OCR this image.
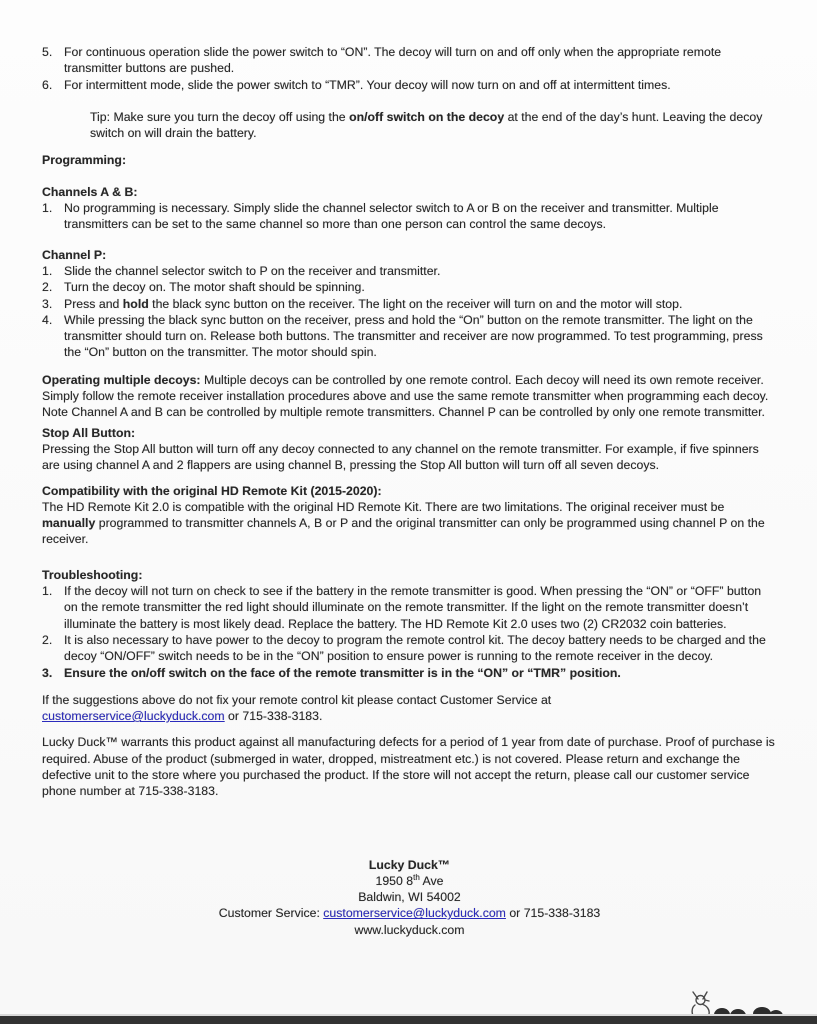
5. For continuous operation slide the power switch to “ON”. The decoy will turn on and off only when the appropriate remote transmitter buttons are pushed.
6. For intermittent mode, slide the power switch to “TMR”. Your decoy will now turn on and off at intermittent times.

Tip: Make sure you turn the decoy off using the on/off switch on the decoy at the end of the day’s hunt. Leaving the decoy switch on will drain the battery.

Programming:
Channels A & B:
1. No programming is necessary. Simply slide the channel selector switch to A or B on the receiver and transmitter. Multiple transmitters can be set to the same channel so more than one person can control the same decoys.
Channel P:
1. Slide the channel selector switch to P on the receiver and transmitter.
2. Turn the decoy on. The motor shaft should be spinning.
3. Press and hold the black sync button on the receiver. The light on the receiver will turn on and the motor will stop.
4. While pressing the black sync button on the receiver, press and hold the “On” button on the remote transmitter. The light on the transmitter should turn on. Release both buttons. The transmitter and receiver are now programmed. To test programming, press the “On” button on the transmitter. The motor should spin.

Operating multiple decoys: Multiple decoys can be controlled by one remote control. Each decoy will need its own remote receiver. Simply follow the remote receiver installation procedures above and use the same remote transmitter when programming each decoy. Note Channel A and B can be controlled by multiple remote transmitters. Channel P can be controlled by only one remote transmitter.

Stop All Button:

Pressing the Stop All button will turn off any decoy connected to any channel on the remote transmitter. For example, if five spinners are using channel A and 2 flappers are using channel B, pressing the Stop All button will turn off all seven decoys.

Compatibility with the original HD Remote Kit (2015-2020):

The HD Remote Kit 2.0 is compatible with the original HD Remote Kit. There are two limitations. The original receiver must be manually programmed to transmitter channels A, B or P and the original transmitter can only be programmed using channel P on the receiver.

Troubleshooting:
1. If the decoy will not turn on check to see if the battery in the remote transmitter is good. When pressing the “ON” or “OFF” button on the remote transmitter the red light should illuminate on the remote transmitter. If the light on the remote transmitter doesn’t illuminate the battery is most likely dead. Replace the battery. The HD Remote Kit 2.0 uses two (2) CR2032 coin batteries.
2. It is also necessary to have power to the decoy to program the remote control kit. The decoy battery needs to be charged and the decoy “ON/OFF” switch needs to be in the “ON” position to ensure power is running to the remote receiver in the decoy.
3. Ensure the on/off switch on the face of the remote transmitter is in the “ON” or “TMR” position.

If the suggestions above do not fix your remote control kit please contact Customer Service at
customerservice@luckyduck.com or 715-338-3183.

Lucky Duck™ warrants this product against all manufacturing defects for a period of 1 year from date of purchase. Proof of purchase is required. Abuse of the product (submerged in water, dropped, mistreatment etc.) is not covered. Please return and exchange the defective unit to the store where you purchased the product. If the store will not accept the return, please call our customer service phone number at 715-338-3183.

Lucky Duck™

1950 8th Ave

Baldwin, WI 54002

Customer Service: customerservice@luckyduck.com or 715-338-3183

www.luckyduck.com
